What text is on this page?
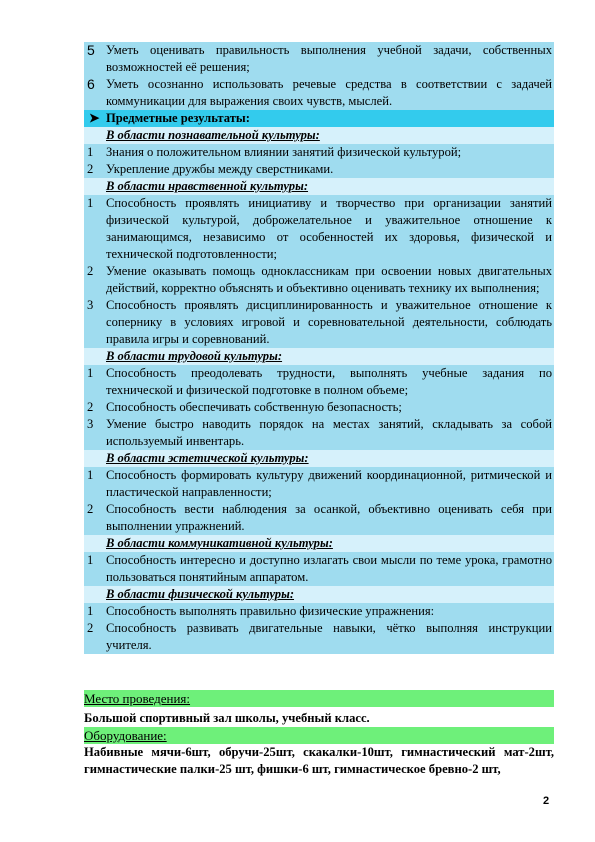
5 Уметь оценивать правильность выполнения учебной задачи, собственных возможностей её решения;
6 Уметь осознанно использовать речевые средства в соответствии с задачей коммуникации для выражения своих чувств, мыслей.
➤ Предметные результаты:
В области познавательной культуры:
1	Знания о положительном влиянии занятий физической культурой;
2	Укрепление дружбы между сверстниками.
В области нравственной культуры:
1	Способность проявлять инициативу и творчество при организации занятий физической культурой, доброжелательное и уважительное отношение к занимающимся, независимо от особенностей их здоровья, физической и технической подготовленности;
2	Умение оказывать помощь одноклассникам при освоении новых двигательных действий, корректно объяснять и объективно оценивать технику их выполнения;
3	Способность проявлять дисциплинированность и уважительное отношение к сопернику в условиях игровой и соревновательной деятельности, соблюдать правила игры и соревнований.
В области трудовой культуры:
1	Способность преодолевать трудности, выполнять учебные задания по технической и физической подготовке в полном объеме;
2	Способность обеспечивать собственную безопасность;
3	Умение быстро наводить порядок на местах занятий, складывать за собой используемый инвентарь.
В области эстетической культуры:
1	Способность формировать культуру движений координационной, ритмической и пластической направленности;
2	Способность вести наблюдения за осанкой, объективно оценивать себя при выполнении упражнений.
В области коммуникативной культуры:
1	Способность интересно и доступно излагать свои мысли по теме урока, грамотно пользоваться понятийным аппаратом.
В области физической культуры:
1	Способность выполнять правильно физические упражнения:
2	Способность развивать двигательные навыки, чётко выполняя инструкции учителя.
Место проведения:
Большой спортивный зал школы, учебный класс.
Оборудование:
Набивные мячи-6шт, обручи-25шт, скакалки-10шт, гимнастический мат-2шт, гимнастические палки-25 шт, фишки-6 шт, гимнастическое бревно-2 шт,
2
